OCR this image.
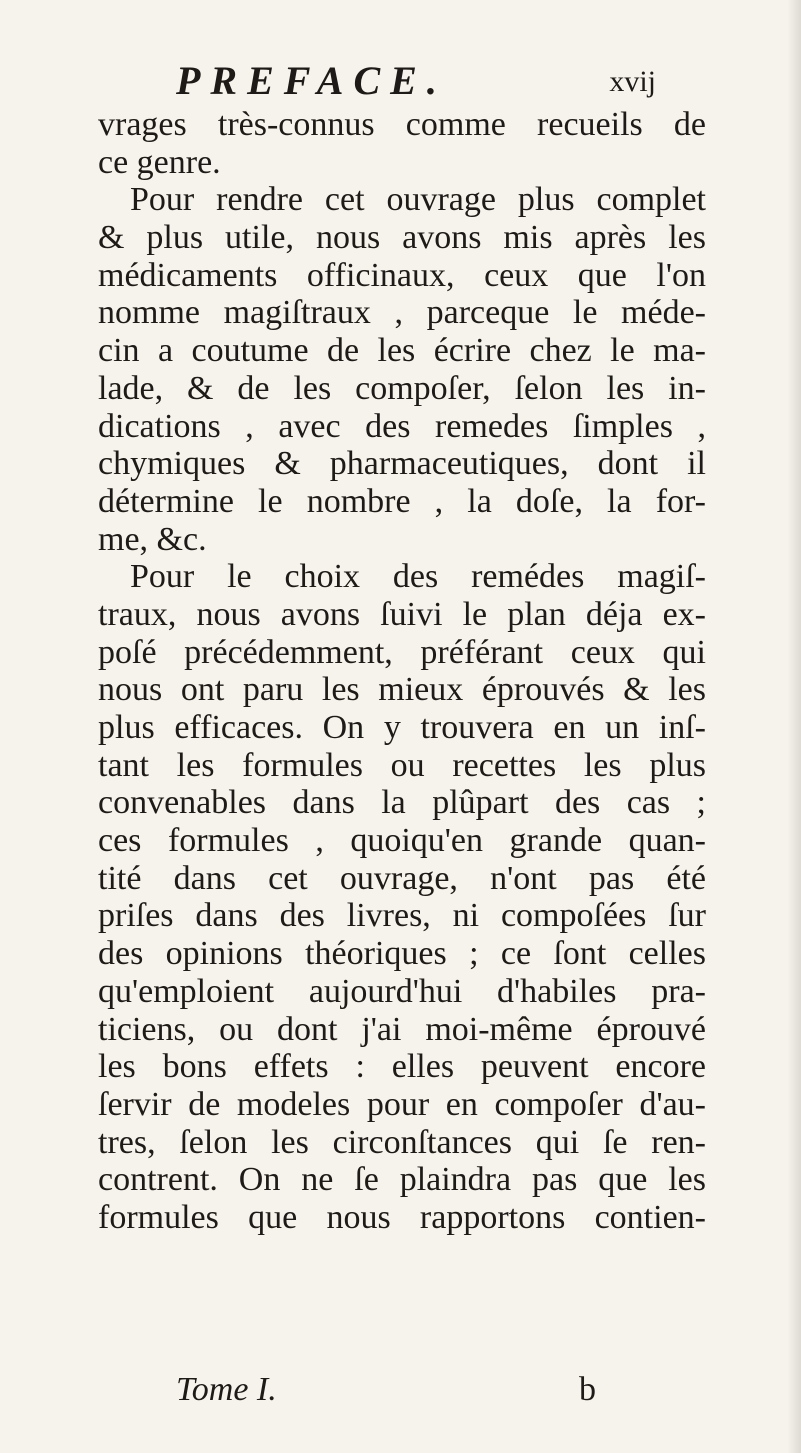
PREFACE.	xvij
vrages très-connus comme recueils de
ce genre.
Pour rendre cet ouvrage plus complet
& plus utile, nous avons mis après les
médicaments officinaux, ceux que l'on
nomme magiſtraux , parceque le méde-
cin a coutume de les écrire chez le ma-
lade, & de les compoſer, ſelon les in-
dications , avec des remedes ſimples ,
chymiques & pharmaceutiques, dont il
détermine le nombre , la doſe, la for-
me, &c.
Pour le choix des remédes magiſ-
traux, nous avons ſuivi le plan déja ex-
poſé précédemment, préférant ceux qui
nous ont paru les mieux éprouvés & les
plus efficaces. On y trouvera en un inſ-
tant les formules ou recettes les plus
convenables dans la plûpart des cas ;
ces formules , quoiqu'en grande quan-
tité dans cet ouvrage, n'ont pas été
priſes dans des livres, ni compoſées ſur
des opinions théoriques ; ce ſont celles
qu'emploient aujourd'hui d'habiles pra-
ticiens, ou dont j'ai moi-même éprouvé
les bons effets : elles peuvent encore
ſervir de modeles pour en compoſer d'au-
tres, ſelon les circonſtances qui ſe ren-
contrent. On ne ſe plaindra pas que les
formules que nous rapportons contien-
Tome I.	b
